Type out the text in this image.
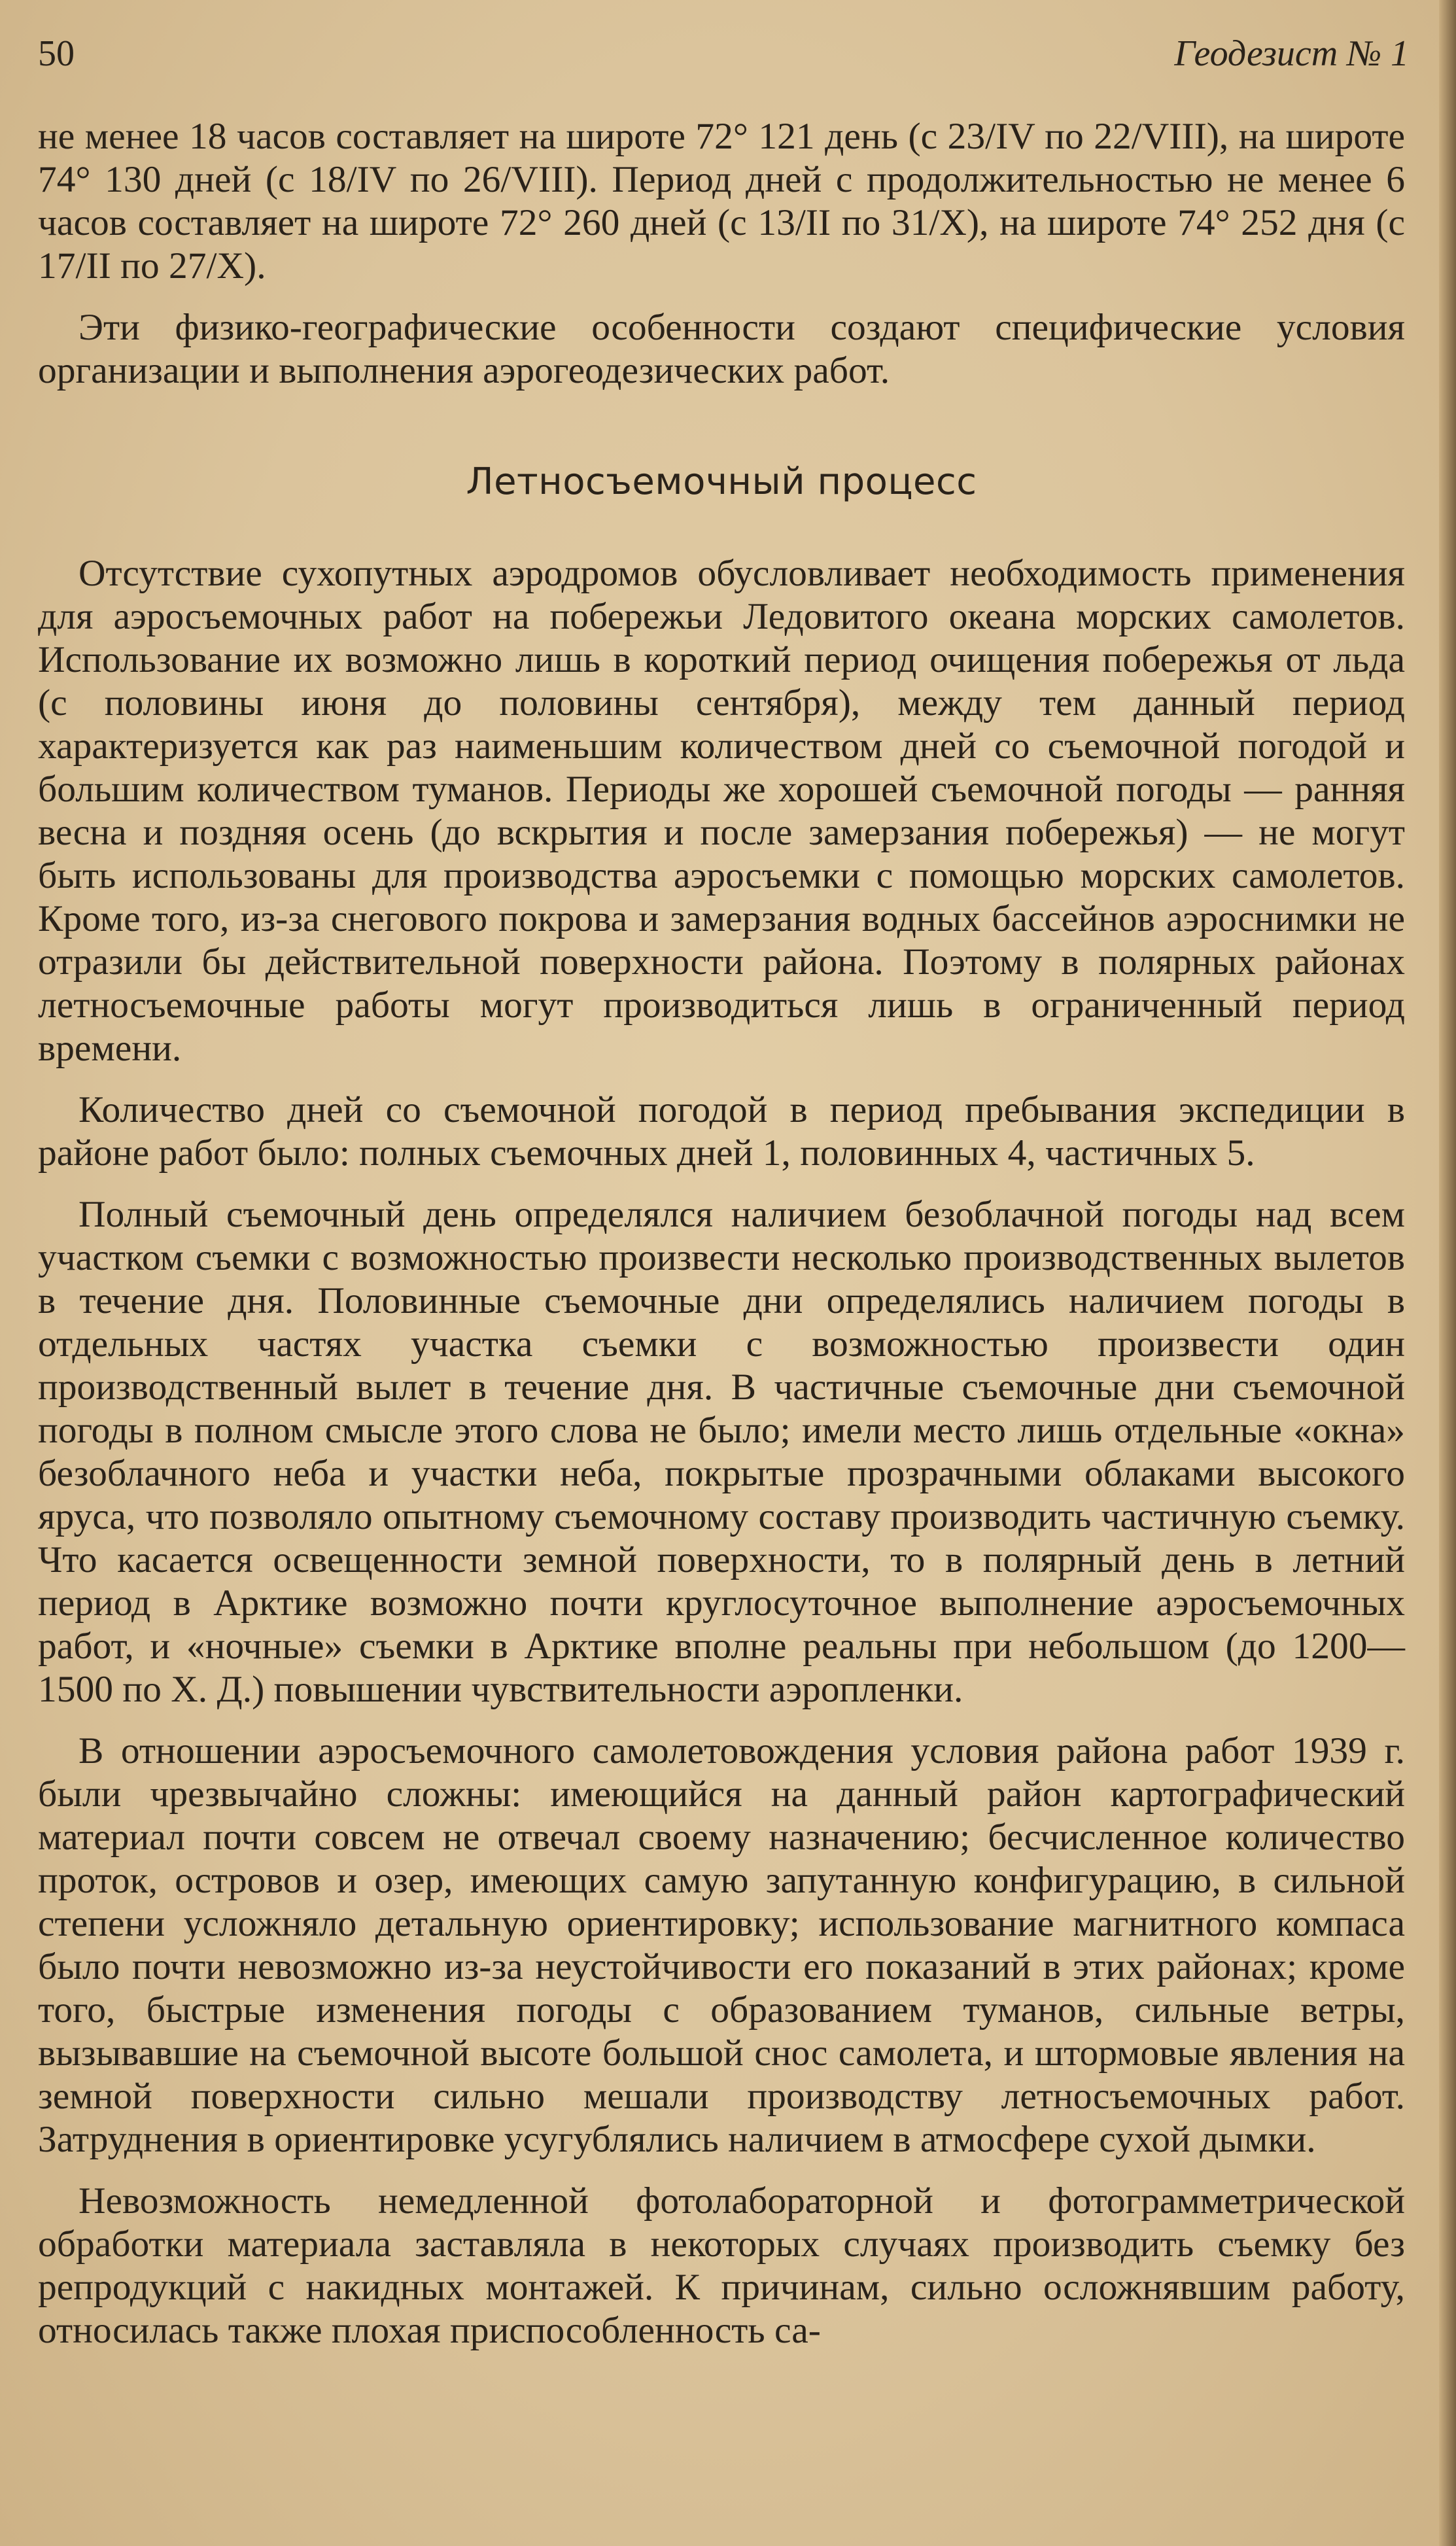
50	Геодезист № 1

не менее 18 часов составляет на широте 72° 121 день (с 23/IV по 22/VIII), на широте 74° 130 дней (с 18/IV по 26/VIII). Период дней с продолжительностью не менее 6 часов составляет на широте 72° 260 дней (с 13/II по 31/X), на широте 74° 252 дня (с 17/II по 27/X).

Эти физико-географические особенности создают специфические условия организации и выполнения аэрогеодезических работ.

Летносъемочный процесс

Отсутствие сухопутных аэродромов обусловливает необходимость применения для аэросъемочных работ на побережьи Ледовитого океана морских самолетов. Использование их возможно лишь в короткий период очищения побережья от льда (с половины июня до половины сентября), между тем данный период характеризуется как раз наименьшим количеством дней со съемочной погодой и большим количеством туманов. Периоды же хорошей съемочной погоды — ранняя весна и поздняя осень (до вскрытия и после замерзания побережья) — не могут быть использованы для производства аэросъемки с помощью морских самолетов. Кроме того, из-за снегового покрова и замерзания водных бассейнов аэроснимки не отразили бы действительной поверхности района. Поэтому в полярных районах летносъемочные работы могут производиться лишь в ограниченный период времени.

Количество дней со съемочной погодой в период пребывания экспедиции в районе работ было: полных съемочных дней 1, половинных 4, частичных 5.

Полный съемочный день определялся наличием безоблачной погоды над всем участком съемки с возможностью произвести несколько производственных вылетов в течение дня. Половинные съемочные дни определялись наличием погоды в отдельных частях участка съемки с возможностью произвести один производственный вылет в течение дня. В частичные съемочные дни съемочной погоды в полном смысле этого слова не было; имели место лишь отдельные «окна» безоблачного неба и участки неба, покрытые прозрачными облаками высокого яруса, что позволяло опытному съемочному составу производить частичную съемку. Что касается освещенности земной поверхности, то в полярный день в летний период в Арктике возможно почти круглосуточное выполнение аэросъемочных работ, и «ночные» съемки в Арктике вполне реальны при небольшом (до 1200—1500 по Х. Д.) повышении чувствительности аэропленки.

В отношении аэросъемочного самолетовождения условия района работ 1939 г. были чрезвычайно сложны: имеющийся на данный район картографический материал почти совсем не отвечал своему назначению; бесчисленное количество проток, островов и озер, имеющих самую запутанную конфигурацию, в сильной степени усложняло детальную ориентировку; использование магнитного компаса было почти невозможно из-за неустойчивости его показаний в этих районах; кроме того, быстрые изменения погоды с образованием туманов, сильные ветры, вызывавшие на съемочной высоте большой снос самолета, и штормовые явления на земной поверхности сильно мешали производству летносъемочных работ. Затруднения в ориентировке усугублялись наличием в атмосфере сухой дымки.

Невозможность немедленной фотолабораторной и фотограмметрической обработки материала заставляла в некоторых случаях производить съемку без репродукций с накидных монтажей. К причинам, сильно осложнявшим работу, относилась также плохая приспособленность са-
